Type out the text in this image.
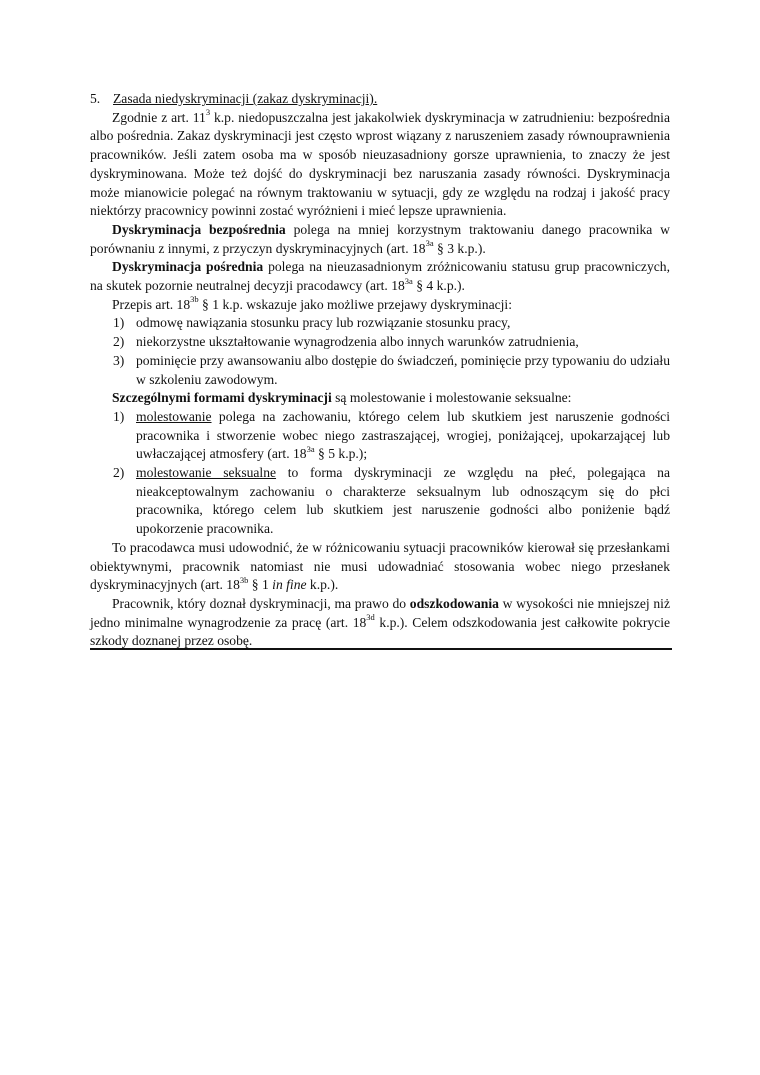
5. Zasada niedyskryminacji (zakaz dyskryminacji).

Zgodnie z art. $11^3$ k.p. niedopuszczalna jest jakakolwiek dyskryminacja w zatrudnieniu: bezpośrednia albo pośrednia. Zakaz dyskryminacji jest często wprost wiązany z naruszeniem zasady równouprawnienia pracowników. Jeśli zatem osoba ma w sposób nieuzasadniony gorsze uprawnienia, to znaczy że jest dyskryminowana. Może też dojść do dyskryminacji bez naruszania zasady równości. Dyskryminacja może mianowicie polegać na równym traktowaniu w sytuacji, gdy ze względu na rodzaj i jakość pracy niektórzy pracownicy powinni zostać wyróżnieni i mieć lepsze uprawnienia.

Dyskryminacja bezpośrednia polega na mniej korzystnym traktowaniu danego pracownika w porównaniu z innymi, z przyczyn dyskryminacyjnych (art. $18^{3a}$ § 3 k.p.).

Dyskryminacja pośrednia polega na nieuzasadnionym zróżnicowaniu statusu grup pracowniczych, na skutek pozornie neutralnej decyzji pracodawcy (art. $18^{3a}$ § 4 k.p.).

Przepis art. $18^{3b}$ § 1 k.p. wskazuje jako możliwe przejawy dyskryminacji:

1) odmowę nawiązania stosunku pracy lub rozwiązanie stosunku pracy,
2) niekorzystne ukształtowanie wynagrodzenia albo innych warunków zatrudnienia,
3) pominięcie przy awansowaniu albo dostępie do świadczeń, pominięcie przy typowaniu do udziału w szkoleniu zawodowym.

Szczególnymi formami dyskryminacji są molestowanie i molestowanie seksualne:

1) molestowanie polega na zachowaniu, którego celem lub skutkiem jest naruszenie godności pracownika i stworzenie wobec niego zastraszającej, wrogiej, poniżającej, upokarzającej lub uwłaczającej atmosfery (art. $18^{3a}$ § 5 k.p.);
2) molestowanie seksualne to forma dyskryminacji ze względu na płeć, polegająca na nieakceptowalnym zachowaniu o charakterze seksualnym lub odnoszącym się do płci pracownika, którego celem lub skutkiem jest naruszenie godności albo poniżenie bądź upokorzenie pracownika.

To pracodawca musi udowodnić, że w różnicowaniu sytuacji pracowników kierował się przesłankami obiektywnymi, pracownik natomiast nie musi udowadniać stosowania wobec niego przesłanek dyskryminacyjnych (art. $18^{3b}$ § 1 in fine k.p.).

Pracownik, który doznał dyskryminacji, ma prawo do odszkodowania w wysokości nie mniejszej niż jedno minimalne wynagrodzenie za pracę (art. $18^{3d}$ k.p.). Celem odszkodowania jest całkowite pokrycie szkody doznanej przez osobę.
